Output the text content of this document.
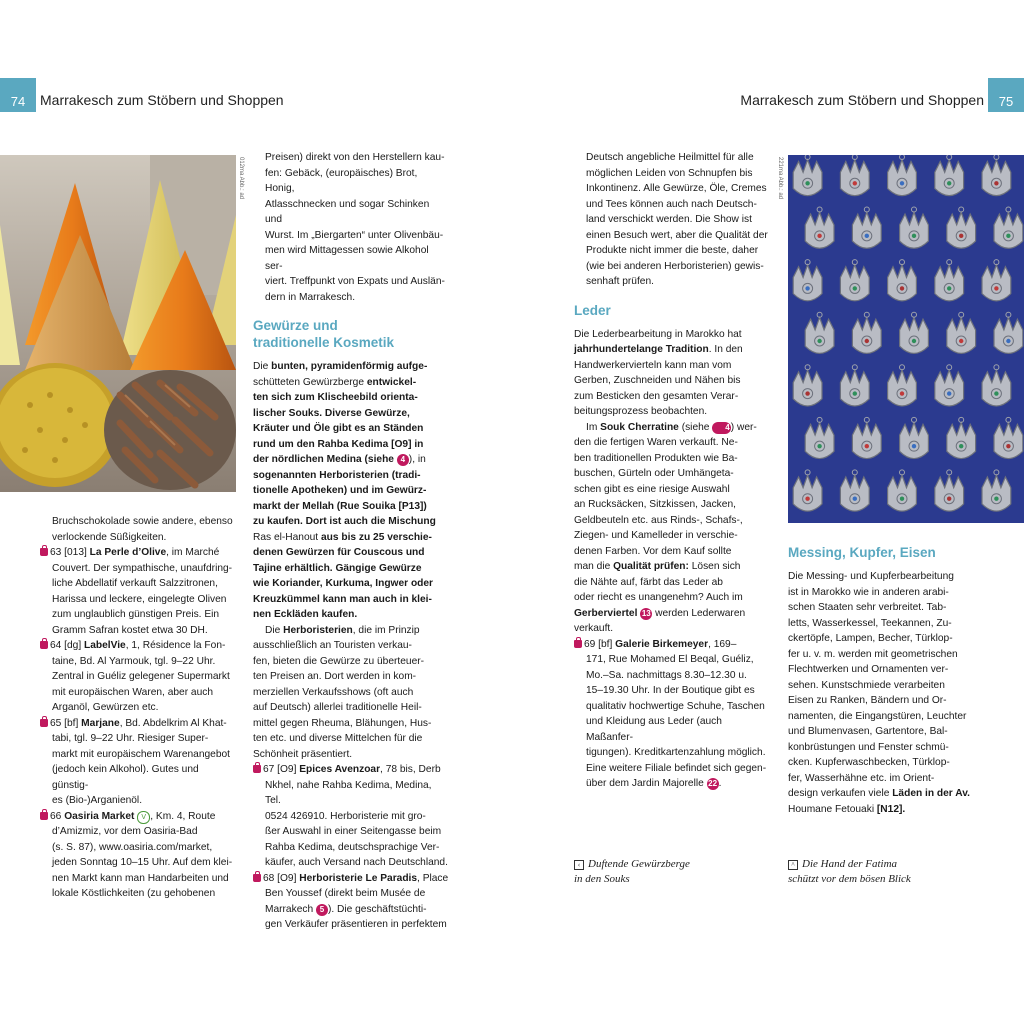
74	Marrakesch zum Stöbern und Shoppen	75
Marrakesch zum Stöbern und Shoppen
012ma Abb.: ad	221ma Abb.: ad

Bruchschokolade sowie andere, ebenso

verlockende Süßigkeiten.

63 [013] La Perle d’Olive, im Marché

Couvert. Der sympathische, unaufdring-

liche Abdellatif verkauft Salzzitronen,

Harissa und leckere, eingelegte Oliven

zum unglaublich günstigen Preis. Ein

Gramm Safran kostet etwa 30 DH.

64 [dg] LabelVie, 1, Résidence la Fon-

taine, Bd. Al Yarmouk, tgl. 9–22 Uhr.

Zentral in Guéliz gelegener Supermarkt

mit europäischen Waren, aber auch

Arganöl, Gewürzen etc.

65 [bf] Marjane, Bd. Abdelkrim Al Khat-

tabi, tgl. 9–22 Uhr. Riesiger Super-

markt mit europäischem Warenangebot

(jedoch kein Alkohol). Gutes und günstig-

es (Bio-)Arganienöl.

66 Oasiria Market V , Km. 4, Route

d’Amizmiz, vor dem Oasiria-Bad

(s. S. 87), www.oasiria.com/market,

jeden Sonntag 10–15 Uhr. Auf dem klei-

nen Markt kann man Handarbeiten und

lokale Köstlichkeiten (zu gehobenen

Preisen) direkt von den Herstellern kau-

fen: Gebäck, (europäisches) Brot, Honig,

Atlasschnecken und sogar Schinken und

Wurst. Im „Biergarten“ unter Olivenbäu-

men wird Mittagessen sowie Alkohol ser-

viert. Treffpunkt von Expats und Auslän-

dern in Marrakesch.

Gewürze und
traditionelle Kosmetik

Die bunten, pyramidenförmig aufge-

schütteten Gewürzberge entwickel-

ten sich zum Klischeebild orienta-

lischer Souks. Diverse Gewürze,

Kräuter und Öle gibt es an Ständen

rund um den Rahba Kedima [O9] in

der nördlichen Medina (siehe 4 ), in

sogenannten Herboristerien (tradi-

tionelle Apotheken) und im Gewürz-

markt der Mellah (Rue Souika [P13])

zu kaufen. Dort ist auch die Mischung

Ras el-Hanout aus bis zu 25 verschie-

denen Gewürzen für Couscous und

Tajine erhältlich. Gängige Gewürze

wie Koriander, Kurkuma, Ingwer oder

Kreuzkümmel kann man auch in klei-

nen Eckläden kaufen.

Die Herboristerien, die im Prinzip

ausschließlich an Touristen verkau-

fen, bieten die Gewürze zu überteuer-

ten Preisen an. Dort werden in kom-

merziellen Verkaufsshows (oft auch

auf Deutsch) allerlei traditionelle Heil-

mittel gegen Rheuma, Blähungen, Hus-

ten etc. und diverse Mittelchen für die

Schönheit präsentiert.

67 [O9] Epices Avenzoar, 78 bis, Derb

Nkhel, nahe Rahba Kedima, Medina, Tel.

0524 426910. Herboristerie mit gro-

ßer Auswahl in einer Seitengasse beim

Rahba Kedima, deutschsprachige Ver-

käufer, auch Versand nach Deutschland.

68 [O9] Herboristerie Le Paradis, Place

Ben Youssef (direkt beim Musée de

Marrakech 5 ). Die geschäftstüchti-

gen Verkäufer präsentieren in perfektem

Deutsch angebliche Heilmittel für alle

möglichen Leiden von Schnupfen bis

Inkontinenz. Alle Gewürze, Öle, Cremes

und Tees können auch nach Deutsch-

land verschickt werden. Die Show ist

einen Besuch wert, aber die Qualität der

Produkte nicht immer die beste, daher

(wie bei anderen Herboristerien) gewis-

senhaft prüfen.

Leder

Die Lederbearbeitung in Marokko hat

jahrhundertelange Tradition. In den

Handwerkervierteln kann man vom

Gerben, Zuschneiden und Nähen bis

zum Besticken den gesamten Verar-

beitungsprozess beobachten.

Im Souk Cherratine (siehe 4) wer-

den die fertigen Waren verkauft. Ne-

ben traditionellen Produkten wie Ba-

buschen, Gürteln oder Umhängeta-

schen gibt es eine riesige Auswahl

an Rucksäcken, Sitzkissen, Jacken,

Geldbeuteln etc. aus Rinds-, Schafs-,

Ziegen- und Kamelleder in verschie-

denen Farben. Vor dem Kauf sollte

man die Qualität prüfen: Lösen sich

die Nähte auf, färbt das Leder ab

oder riecht es unangenehm? Auch im

Gerberviertel 13 werden Lederwaren

verkauft.

69 [bf] Galerie Birkemeyer, 169–

171, Rue Mohamed El Beqal, Guéliz,

Mo.–Sa. nachmittags 8.30–12.30 u.

15–19.30 Uhr. In der Boutique gibt es

qualitativ hochwertige Schuhe, Taschen

und Kleidung aus Leder (auch Maßanfer-

tigungen). Kreditkartenzahlung möglich.

Eine weitere Filiale befindet sich gegen-

über dem Jardin Majorelle 22 .

Messing, Kupfer, Eisen

Die Messing- und Kupferbearbeitung

ist in Marokko wie in anderen arabi-

schen Staaten sehr verbreitet. Tab-

letts, Wasserkessel, Teekannen, Zu-

ckertöpfe, Lampen, Becher, Türklop-

fer u. v. m. werden mit geometrischen

Flechtwerken und Ornamenten ver-

sehen. Kunstschmiede verarbeiten

Eisen zu Ranken, Bändern und Or-

namenten, die Eingangstüren, Leuchter

und Blumenvasen, Gartentore, Bal-

konbrüstungen und Fenster schmü-

cken. Kupferwaschbecken, Türklop-

fer, Wasserhähne etc. im Orient-

design verkaufen viele Läden in der Av.

Houmane Fetouaki [N12].

‹ Duftende Gewürzberge
in den Souks
^ Die Hand der Fatima
schützt vor dem bösen Blick
